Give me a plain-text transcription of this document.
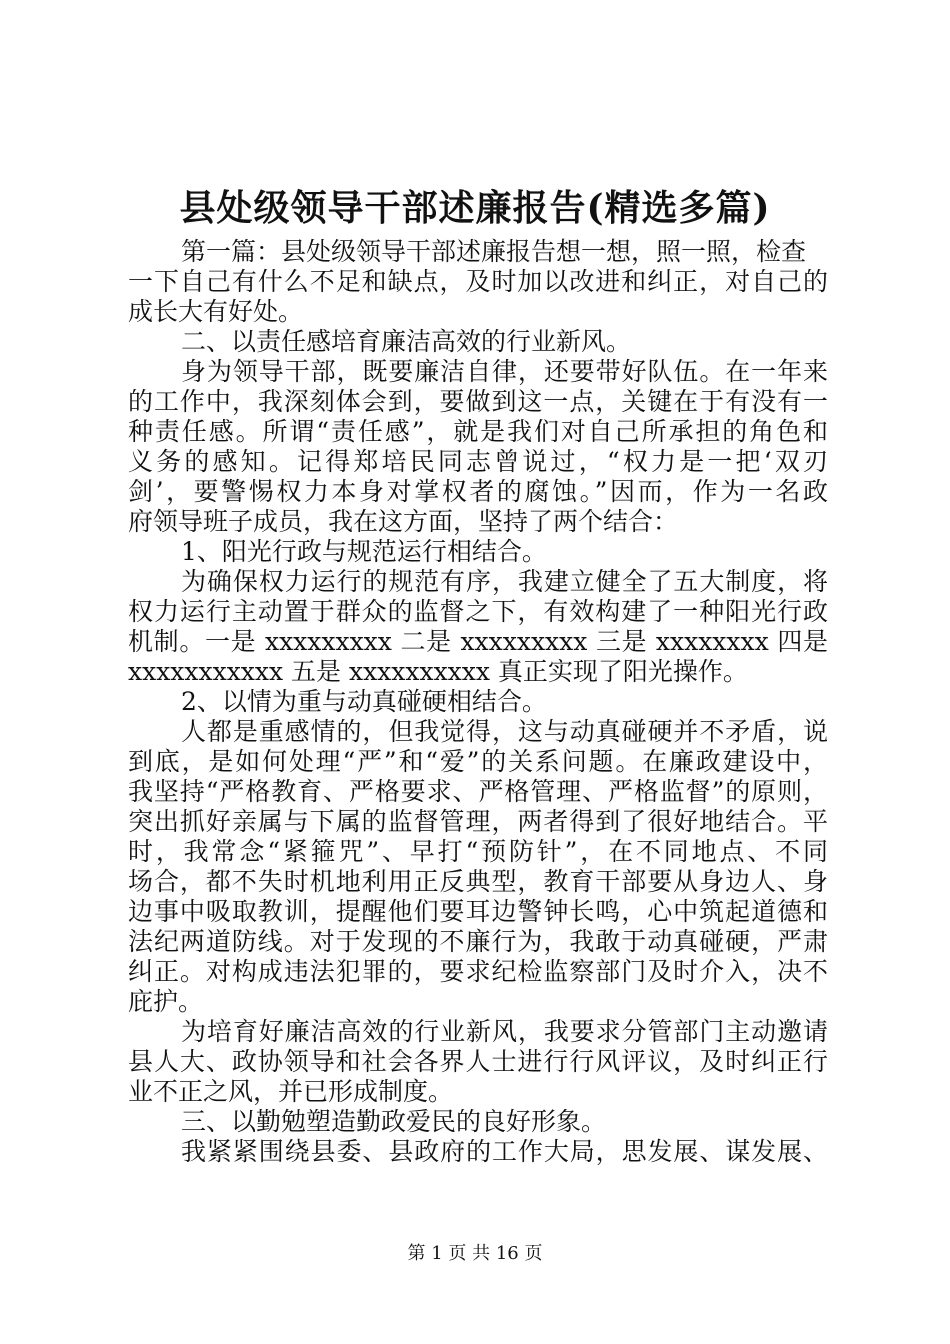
县处级领导干部述廉报告(精选多篇)
第一篇：县处级领导干部述廉报告想一想，照一照，检查
一下自己有什么不足和缺点，及时加以改进和纠正，对自己的
成长大有好处。
二、以责任感培育廉洁高效的行业新风。
身为领导干部，既要廉洁自律，还要带好队伍。在一年来
的工作中，我深刻体会到，要做到这一点，关键在于有没有一
种责任感。所谓“责任感”，就是我们对自己所承担的角色和
义务的感知。记得郑培民同志曾说过，“权力是一把‘双刃
剑’，要警惕权力本身对掌权者的腐蚀。”因而，作为一名政
府领导班子成员，我在这方面，坚持了两个结合：
1、阳光行政与规范运行相结合。
为确保权力运行的规范有序，我建立健全了五大制度，将
权力运行主动置于群众的监督之下，有效构建了一种阳光行政
机制。一是 xxxxxxxxx 二是 xxxxxxxxx 三是 xxxxxxxx 四是
xxxxxxxxxxx 五是 xxxxxxxxxx 真正实现了阳光操作。
2、以情为重与动真碰硬相结合。
人都是重感情的，但我觉得，这与动真碰硬并不矛盾，说
到底，是如何处理“严”和“爱”的关系问题。在廉政建设中，
我坚持“严格教育、严格要求、严格管理、严格监督”的原则，
突出抓好亲属与下属的监督管理，两者得到了很好地结合。平
时，我常念“紧箍咒”、早打“预防针”，在不同地点、不同
场合，都不失时机地利用正反典型，教育干部要从身边人、身
边事中吸取教训，提醒他们要耳边警钟长鸣，心中筑起道德和
法纪两道防线。对于发现的不廉行为，我敢于动真碰硬，严肃
纠正。对构成违法犯罪的，要求纪检监察部门及时介入，决不
庇护。
为培育好廉洁高效的行业新风，我要求分管部门主动邀请
县人大、政协领导和社会各界人士进行行风评议，及时纠正行
业不正之风，并已形成制度。
三、以勤勉塑造勤政爱民的良好形象。
我紧紧围绕县委、县政府的工作大局，思发展、谋发展、
第 1 页 共 16 页
